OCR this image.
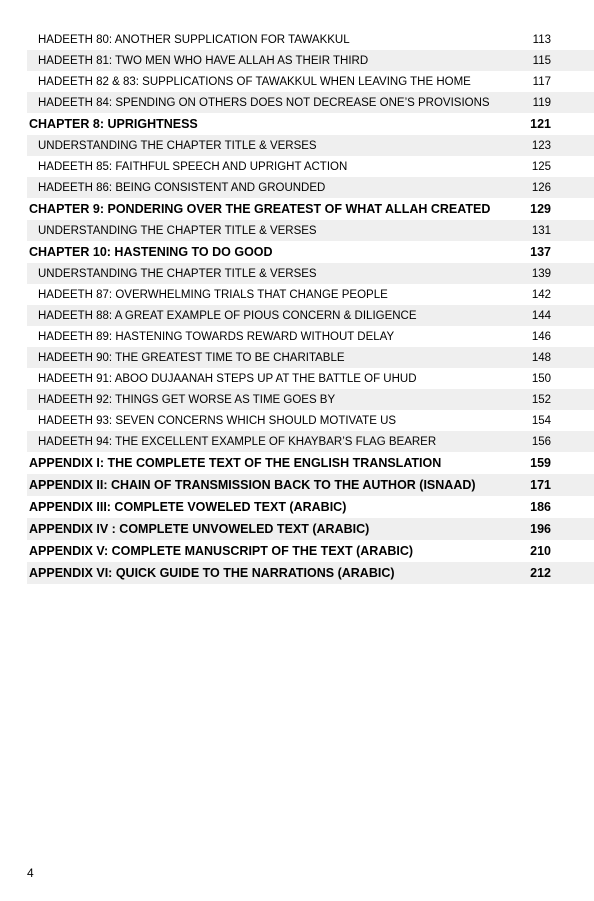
HADEETH 80: ANOTHER SUPPLICATION FOR TAWAKKUL	113
HADEETH 81: TWO MEN WHO HAVE ALLAH AS THEIR THIRD	115
HADEETH 82 & 83: SUPPLICATIONS OF TAWAKKUL WHEN LEAVING THE HOME	117
HADEETH 84: SPENDING ON OTHERS DOES NOT DECREASE ONE’S PROVISIONS	119
CHAPTER 8: UPRIGHTNESS	121
UNDERSTANDING THE CHAPTER TITLE & VERSES	123
HADEETH 85: FAITHFUL SPEECH AND UPRIGHT ACTION	125
HADEETH 86: BEING CONSISTENT AND GROUNDED	126
CHAPTER 9: PONDERING OVER THE GREATEST OF WHAT ALLAH CREATED	129
UNDERSTANDING THE CHAPTER TITLE & VERSES	131
CHAPTER 10: HASTENING TO DO GOOD	137
UNDERSTANDING THE CHAPTER TITLE & VERSES	139
HADEETH 87: OVERWHELMING TRIALS THAT CHANGE PEOPLE	142
HADEETH 88: A GREAT EXAMPLE OF PIOUS CONCERN & DILIGENCE	144
HADEETH 89: HASTENING TOWARDS REWARD WITHOUT DELAY	146
HADEETH 90: THE GREATEST TIME TO BE CHARITABLE	148
HADEETH 91: ABOO DUJAANAH STEPS UP AT THE BATTLE OF UHUD	150
HADEETH 92: THINGS GET WORSE AS TIME GOES BY	152
HADEETH 93: SEVEN CONCERNS WHICH SHOULD MOTIVATE US	154
HADEETH 94: THE EXCELLENT EXAMPLE OF KHAYBAR’S FLAG BEARER	156
APPENDIX I: THE COMPLETE TEXT OF THE ENGLISH TRANSLATION	159
APPENDIX II: CHAIN OF TRANSMISSION BACK TO THE AUTHOR (ISNAAD)	171
APPENDIX III: COMPLETE VOWELED TEXT (ARABIC)	186
APPENDIX IV : COMPLETE UNVOWELED TEXT (ARABIC)	196
APPENDIX V: COMPLETE MANUSCRIPT OF THE TEXT (ARABIC)	210
APPENDIX VI: QUICK GUIDE TO THE NARRATIONS (ARABIC)	212
4
